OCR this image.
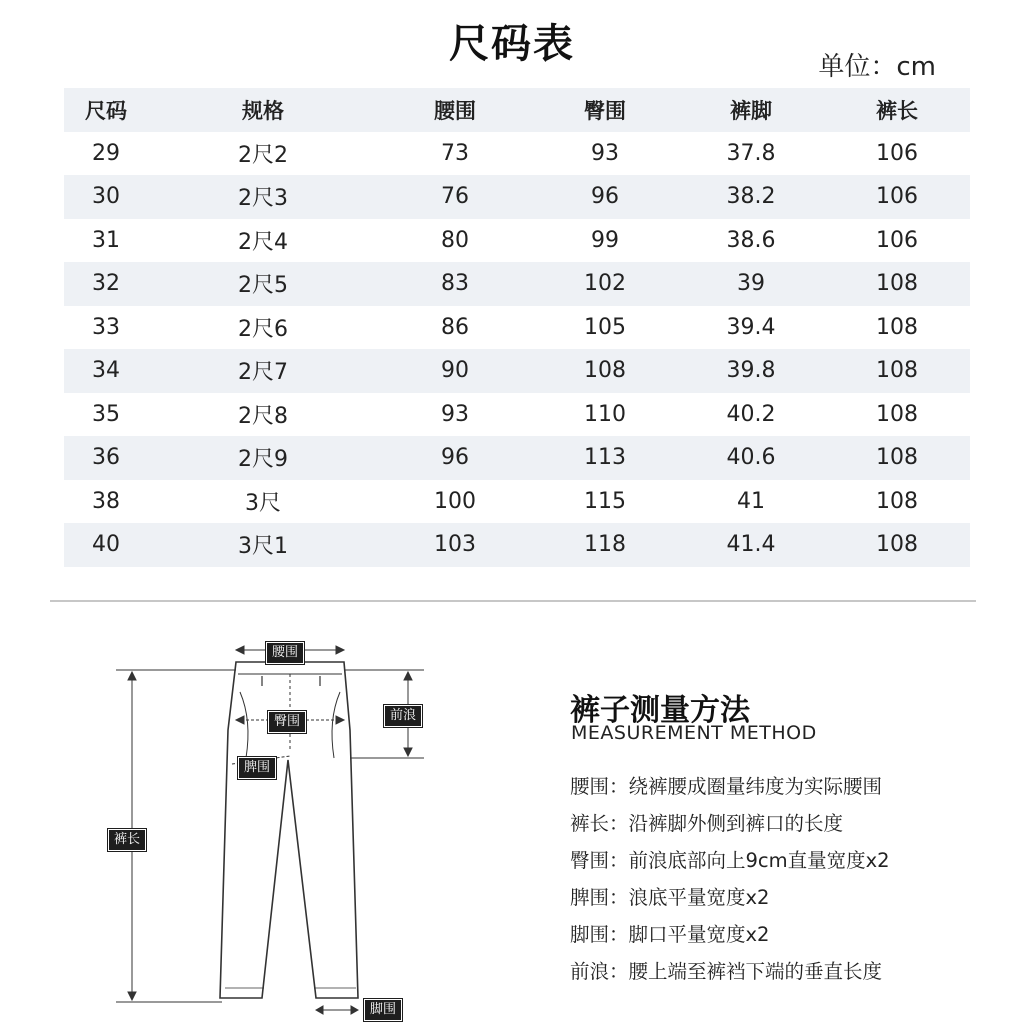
尺码表	单位：cm
尺码	规格	腰围	臀围	裤脚	裤长
29	2尺2	73	93	37.8	106
30	2尺3	76	96	38.2	106
31	2尺4	80	99	38.6	106
32	2尺5	83	102	39	108
33	2尺6	86	105	39.4	108
34	2尺7	90	108	39.8	108
35	2尺8	93	110	40.2	108
36	2尺9	96	113	40.6	108
38	3尺	100	115	41	108
40	3尺1	103	118	41.4	108
腰围
臀围
脾围
前浪
裤长
脚围
裤子测量方法
MEASUREMENT METHOD
腰围：绕裤腰成圈量纬度为实际腰围
裤长：沿裤脚外侧到裤口的长度
臀围：前浪底部向上9cm直量宽度x2
脾围：浪底平量宽度x2
脚围：脚口平量宽度x2
前浪：腰上端至裤裆下端的垂直长度
